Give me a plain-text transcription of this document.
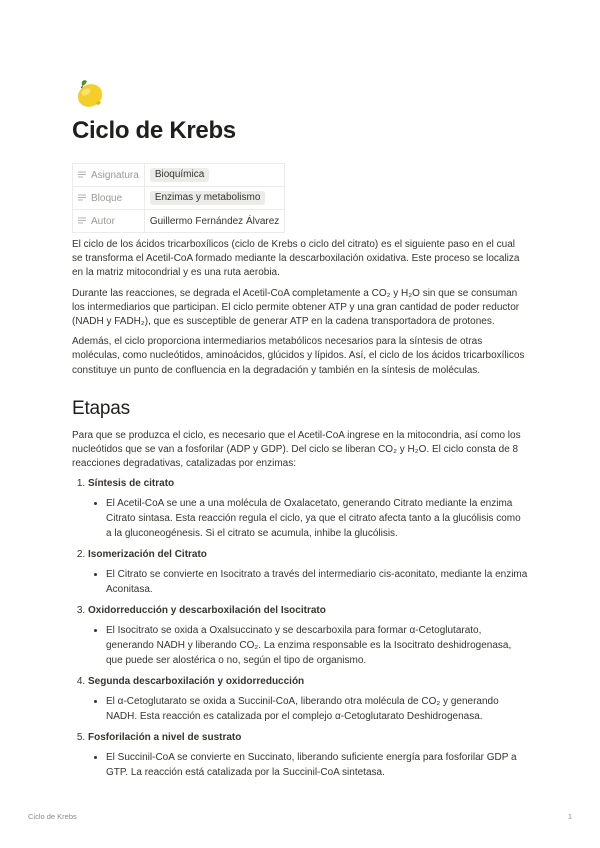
Ciclo de Krebs
Asignatura	Bioquímica

Bloque	Enzimas y metabolismo

Autor	Guillermo Fernández Álvarez

El ciclo de los ácidos tricarboxílicos (ciclo de Krebs o ciclo del citrato) es el siguiente paso en el cual se transforma el Acetil-CoA formado mediante la descarboxilación oxidativa. Este proceso se localiza en la matriz mitocondrial y es una ruta aerobia.

Durante las reacciones, se degrada el Acetil-CoA completamente a CO₂ y H₂O sin que se consuman los intermediarios que participan. El ciclo permite obtener ATP y una gran cantidad de poder reductor (NADH y FADH₂), que es susceptible de generar ATP en la cadena transportadora de protones.

Además, el ciclo proporciona intermediarios metabólicos necesarios para la síntesis de otras moléculas, como nucleótidos, aminoácidos, glúcidos y lípidos. Así, el ciclo de los ácidos tricarboxílicos constituye un punto de confluencia en la degradación y también en la síntesis de moléculas.

Etapas

Para que se produzca el ciclo, es necesario que el Acetil-CoA ingrese en la mitocondria, así como los nucleótidos que se van a fosforilar (ADP y GDP). Del ciclo se liberan CO₂ y H₂O. El ciclo consta de 8 reacciones degradativas, catalizadas por enzimas:

1. Síntesis de citrato
• El Acetil-CoA se une a una molécula de Oxalacetato, generando Citrato mediante la enzima Citrato sintasa. Esta reacción regula el ciclo, ya que el citrato afecta tanto a la glucólisis como a la gluconeogénesis. Si el citrato se acumula, inhibe la glucólisis.
2. Isomerización del Citrato
• El Citrato se convierte en Isocitrato a través del intermediario cis-aconitato, mediante la enzima Aconitasa.
3. Oxidorreducción y descarboxilación del Isocitrato
• El Isocitrato se oxida a Oxalsuccinato y se descarboxila para formar α-Cetoglutarato, generando NADH y liberando CO₂. La enzima responsable es la Isocitrato deshidrogenasa, que puede ser alostérica o no, según el tipo de organismo.
4. Segunda descarboxilación y oxidorreducción
• El α-Cetoglutarato se oxida a Succinil-CoA, liberando otra molécula de CO₂ y generando NADH. Esta reacción es catalizada por el complejo α-Cetoglutarato Deshidrogenasa.
5. Fosforilación a nivel de sustrato
• El Succinil-CoA se convierte en Succinato, liberando suficiente energía para fosforilar GDP a GTP. La reacción está catalizada por la Succinil-CoA sintetasa.
Ciclo de Krebs	1
